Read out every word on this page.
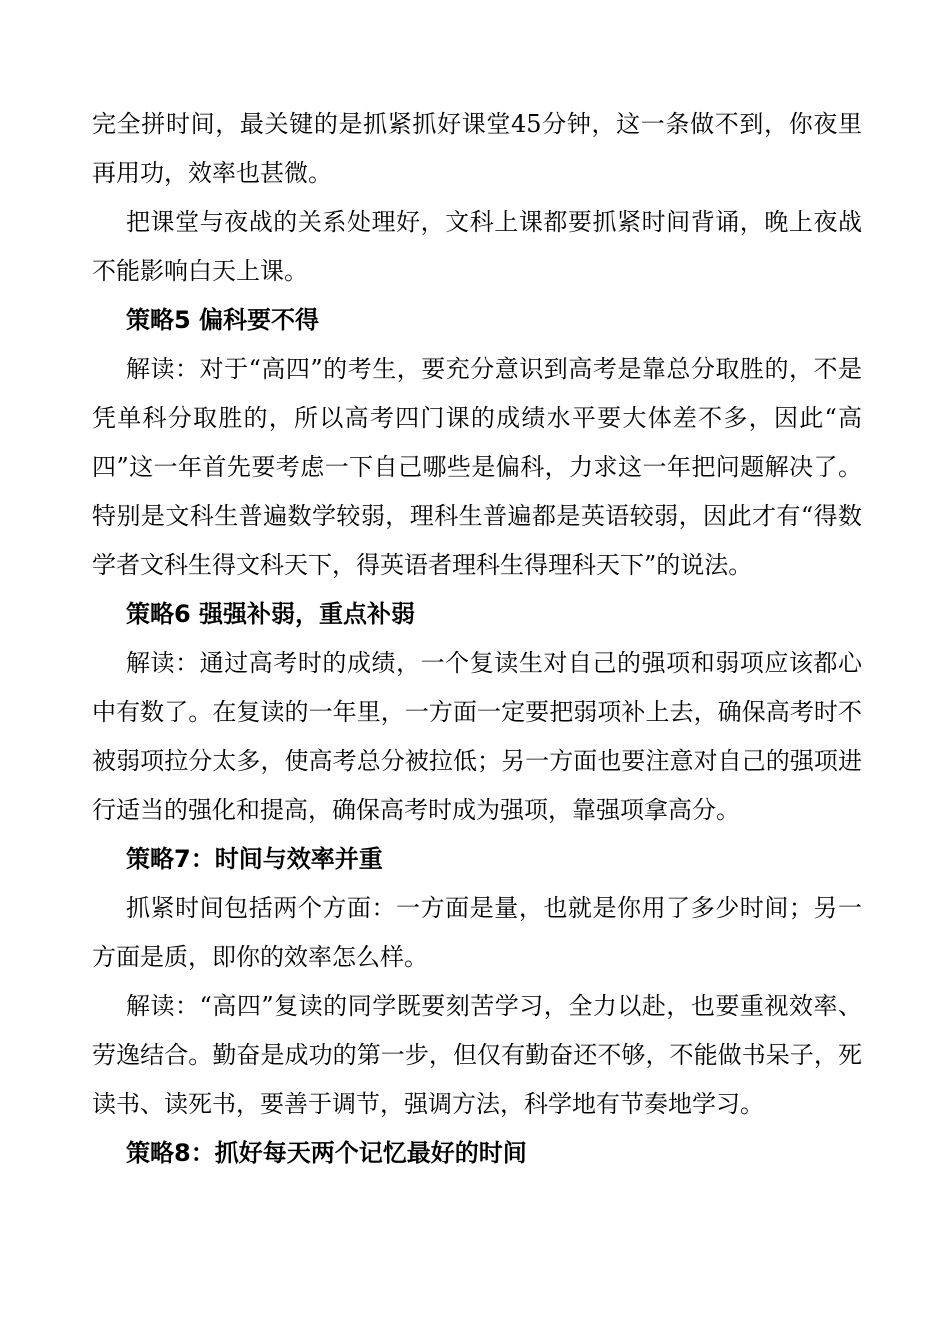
完全拼时间，最关键的是抓紧抓好课堂45分钟，这一条做不到，你夜里再用功，效率也甚微。

把课堂与夜战的关系处理好，文科上课都要抓紧时间背诵，晚上夜战不能影响白天上课。

策略5 偏科要不得

解读：对于“高四”的考生，要充分意识到高考是靠总分取胜的，不是凭单科分取胜的，所以高考四门课的成绩水平要大体差不多，因此“高四”这一年首先要考虑一下自己哪些是偏科，力求这一年把问题解决了。特别是文科生普遍数学较弱，理科生普遍都是英语较弱，因此才有“得数学者文科生得文科天下，得英语者理科生得理科天下”的说法。

策略6 强强补弱，重点补弱

解读：通过高考时的成绩，一个复读生对自己的强项和弱项应该都心中有数了。在复读的一年里，一方面一定要把弱项补上去，确保高考时不被弱项拉分太多，使高考总分被拉低；另一方面也要注意对自己的强项进行适当的强化和提高，确保高考时成为强项，靠强项拿高分。

策略7：时间与效率并重

抓紧时间包括两个方面：一方面是量，也就是你用了多少时间；另一方面是质，即你的效率怎么样。

解读：“高四”复读的同学既要刻苦学习，全力以赴，也要重视效率、劳逸结合。勤奋是成功的第一步，但仅有勤奋还不够，不能做书呆子，死读书、读死书，要善于调节，强调方法，科学地有节奏地学习。

策略8：抓好每天两个记忆最好的时间
